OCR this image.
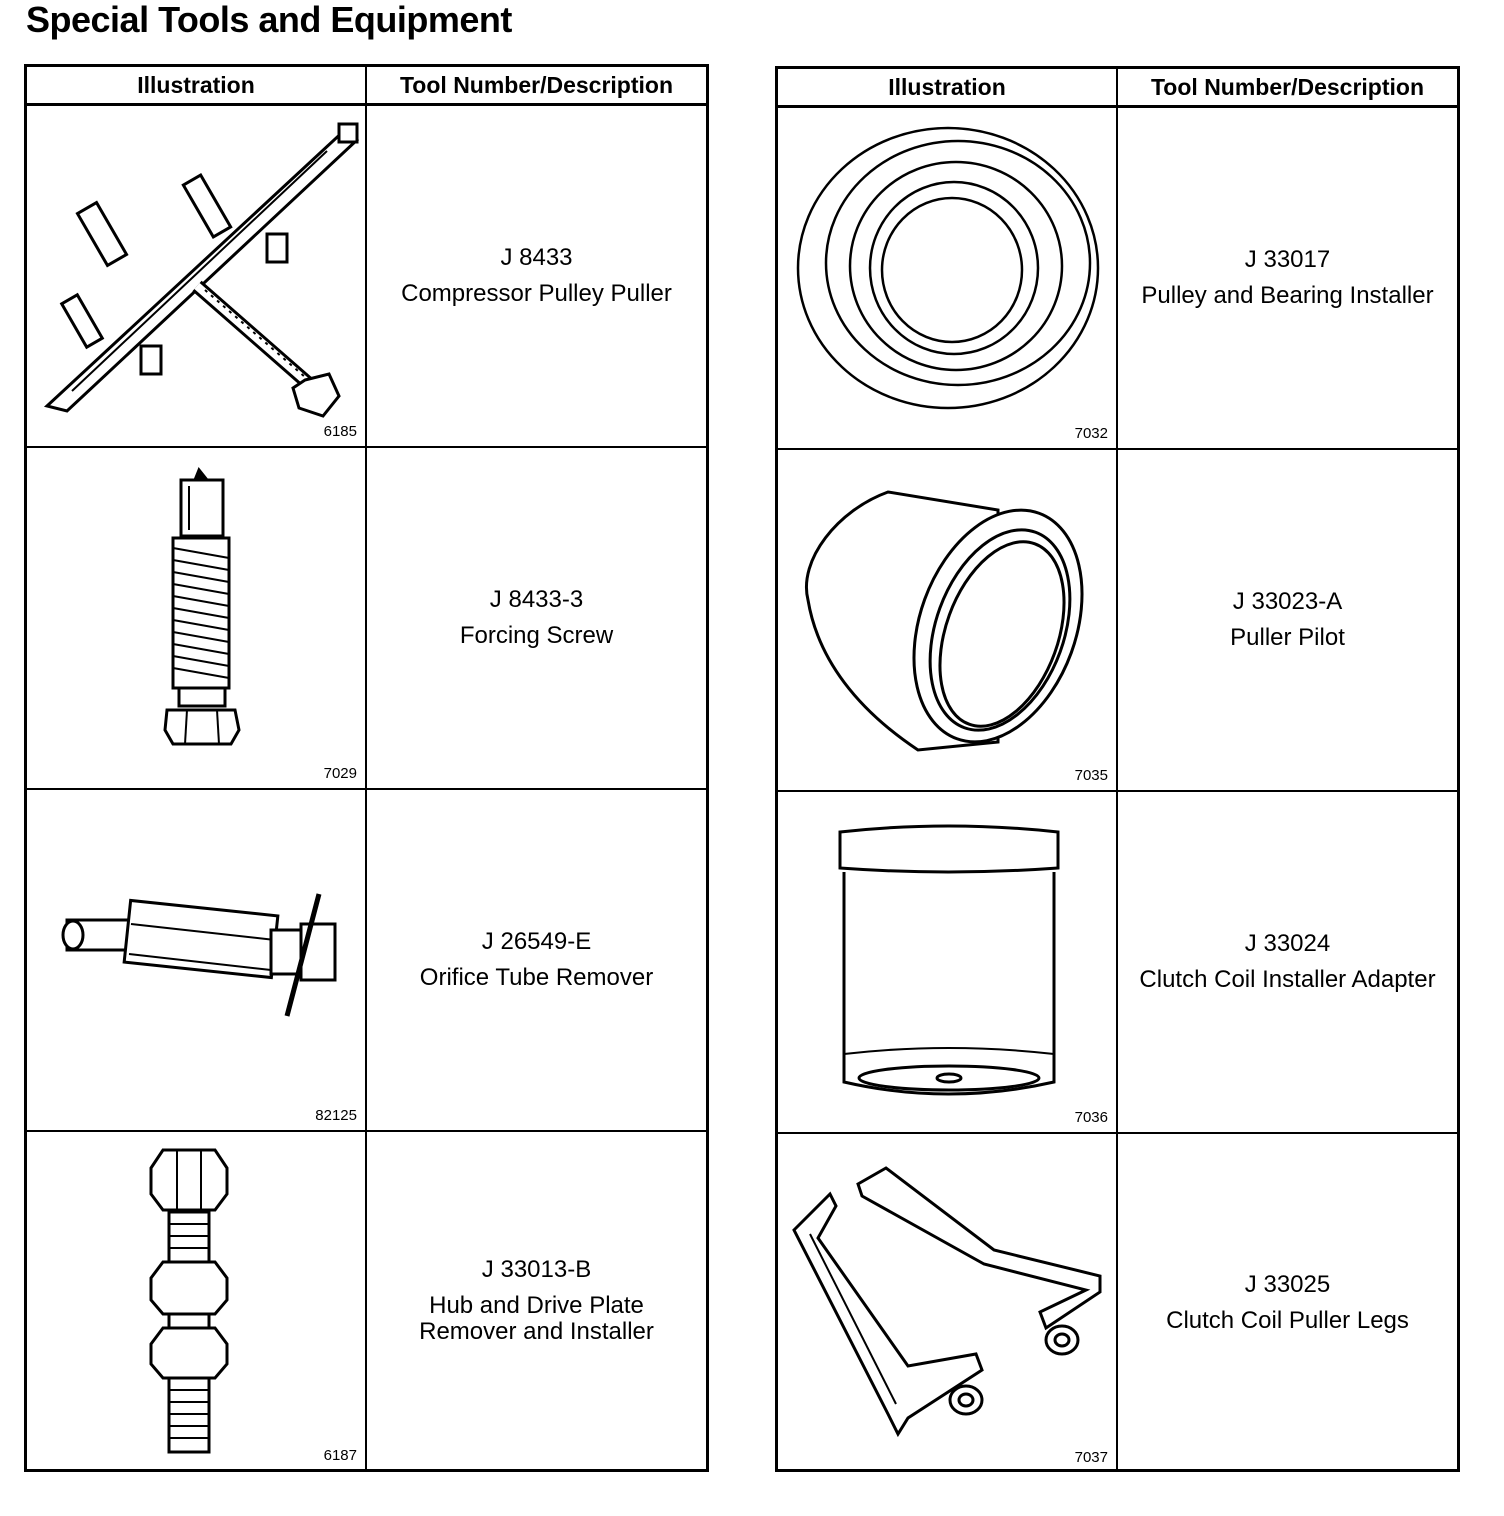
Special Tools and Equipment
Illustration	Tool Number/Description
6185
J 8433
Compressor Pulley Puller
7029
J 8433-3
Forcing Screw
82125
J 26549-E
Orifice Tube Remover
6187
J 33013-B
Hub and Drive Plate
Remover and Installer
Illustration	Tool Number/Description
7032
J 33017
Pulley and Bearing Installer
7035
J 33023-A
Puller Pilot
7036
J 33024
Clutch Coil Installer Adapter
7037
J 33025
Clutch Coil Puller Legs
